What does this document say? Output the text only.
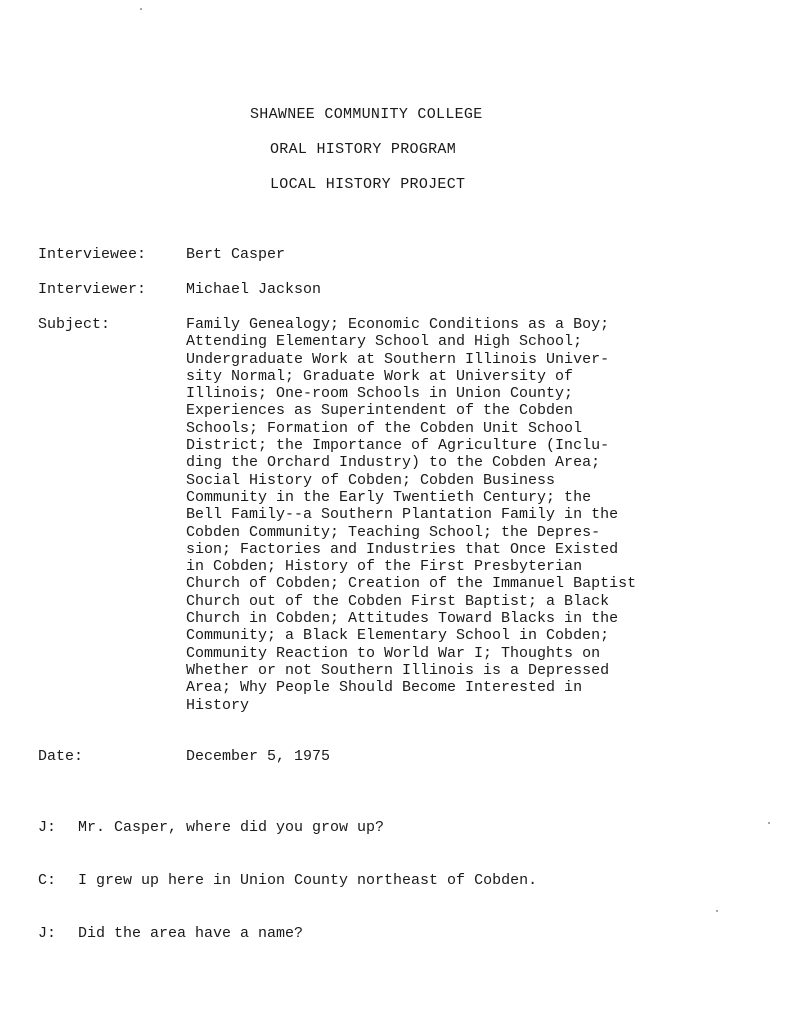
SHAWNEE COMMUNITY COLLEGE
ORAL HISTORY PROGRAM
LOCAL HISTORY PROJECT
Interviewee:	Bert Casper
Interviewer:	Michael Jackson
Subject:	Family Genealogy; Economic Conditions as a Boy;
Attending Elementary School and High School;
Undergraduate Work at Southern Illinois Univer-
sity Normal; Graduate Work at University of
Illinois; One-room Schools in Union County;
Experiences as Superintendent of the Cobden
Schools; Formation of the Cobden Unit School
District; the Importance of Agriculture (Inclu-
ding the Orchard Industry) to the Cobden Area;
Social History of Cobden; Cobden Business
Community in the Early Twentieth Century; the
Bell Family--a Southern Plantation Family in the
Cobden Community; Teaching School; the Depres-
sion; Factories and Industries that Once Existed
in Cobden; History of the First Presbyterian
Church of Cobden; Creation of the Immanuel Baptist
Church out of the Cobden First Baptist; a Black
Church in Cobden; Attitudes Toward Blacks in the
Community; a Black Elementary School in Cobden;
Community Reaction to World War I; Thoughts on
Whether or not Southern Illinois is a Depressed
Area; Why People Should Become Interested in
History
Date:	December 5, 1975
J: Mr. Casper, where did you grow up?
C: I grew up here in Union County northeast of Cobden.
J: Did the area have a name?
